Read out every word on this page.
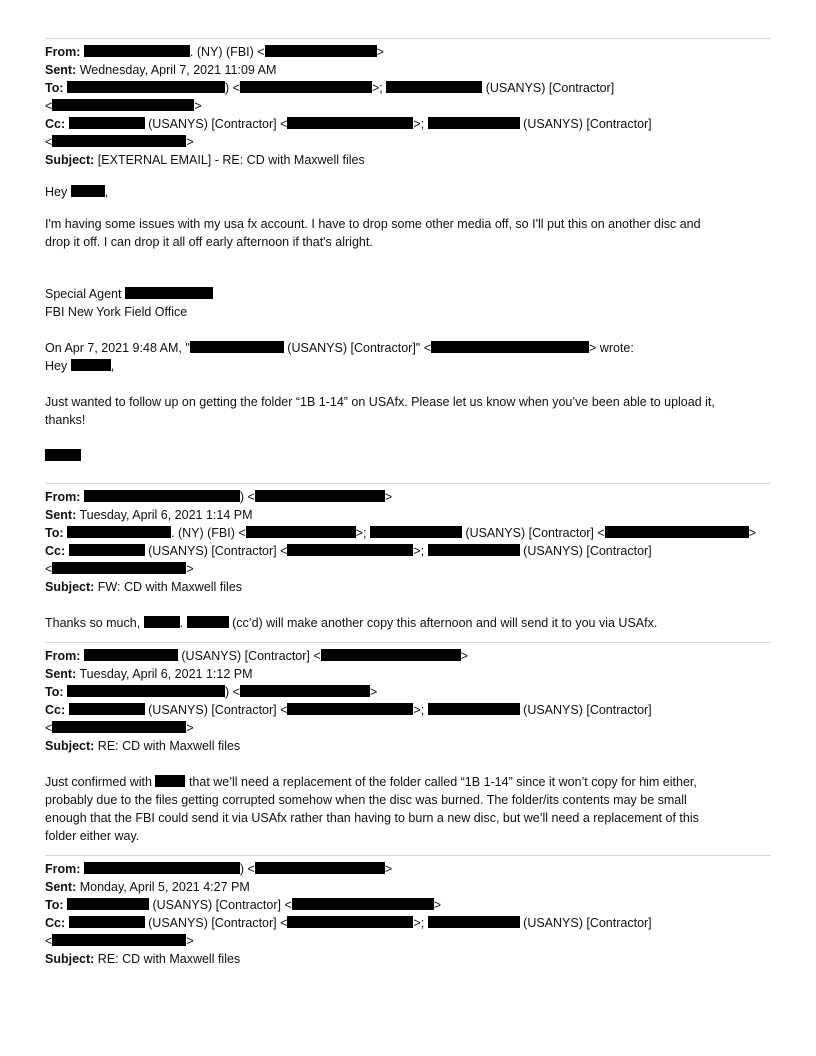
From:	. (NY) (FBI) <	>
Sent: Wednesday, April 7, 2021 11:09 AM
To:	) <	>;	(USANYS) [Contractor]
<	>
Cc:	(USANYS) [Contractor] <	>;	(USANYS) [Contractor]
<	>
Subject: [EXTERNAL EMAIL] - RE: CD with Maxwell files
Hey	,
I'm having some issues with my usa fx account. I have to drop some other media off, so I'll put this on another disc and
drop it off. I can drop it all off early afternoon if that's alright.
Special Agent
FBI New York Field Office
On Apr 7, 2021 9:48 AM, "	(USANYS) [Contractor]" <	> wrote:
Hey	,
Just wanted to follow up on getting the folder “1B 1-14” on USAfx. Please let us know when you’ve been able to upload it,
thanks!
From:	) <	>
Sent: Tuesday, April 6, 2021 1:14 PM
To:	. (NY) (FBI) <	>;	(USANYS) [Contractor] <	>
Cc:	(USANYS) [Contractor] <	>;	(USANYS) [Contractor]
<	>
Subject: FW: CD with Maxwell files
Thanks so much,	.	(cc’d) will make another copy this afternoon and will send it to you via USAfx.
From:	(USANYS) [Contractor] <	>
Sent: Tuesday, April 6, 2021 1:12 PM
To:	) <	>
Cc:	(USANYS) [Contractor] <	>;	(USANYS) [Contractor]
<	>
Subject: RE: CD with Maxwell files
Just confirmed with	that we’ll need a replacement of the folder called “1B 1-14” since it won’t copy for him either,
probably due to the files getting corrupted somehow when the disc was burned. The folder/its contents may be small
enough that the FBI could send it via USAfx rather than having to burn a new disc, but we’ll need a replacement of this
folder either way.
From:	) <	>
Sent: Monday, April 5, 2021 4:27 PM
To:	(USANYS) [Contractor] <	>
Cc:	(USANYS) [Contractor] <	>;	(USANYS) [Contractor]
<	>
Subject: RE: CD with Maxwell files
